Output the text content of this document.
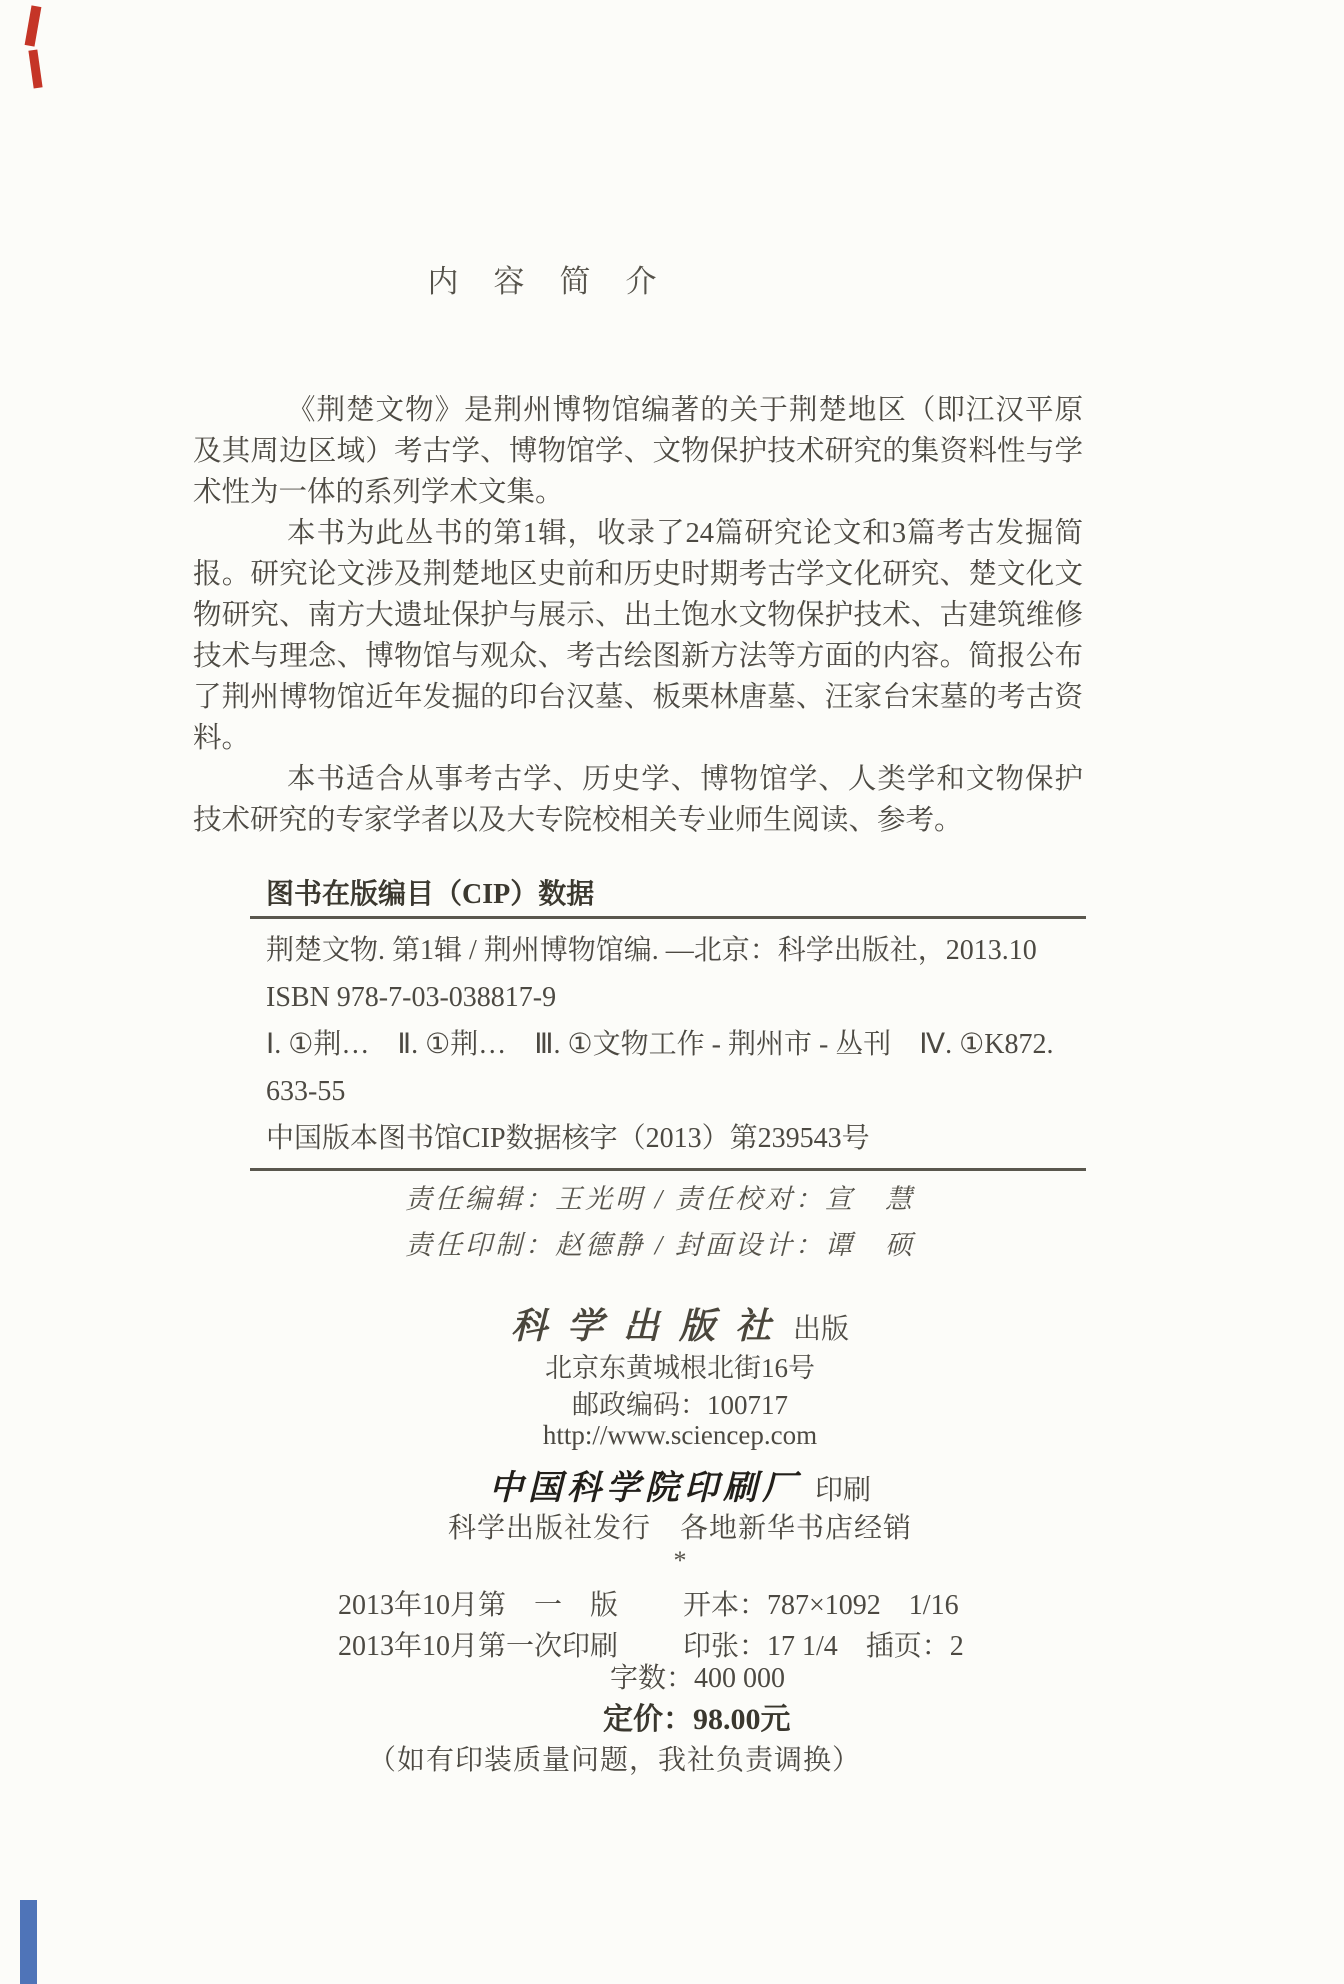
内　容　简　介

《荆楚文物》是荆州博物馆编著的关于荆楚地区（即江汉平原及其周边区域）考古学、博物馆学、文物保护技术研究的集资料性与学术性为一体的系列学术文集。

本书为此丛书的第1辑，收录了24篇研究论文和3篇考古发掘简报。研究论文涉及荆楚地区史前和历史时期考古学文化研究、楚文化文物研究、南方大遗址保护与展示、出土饱水文物保护技术、古建筑维修技术与理念、博物馆与观众、考古绘图新方法等方面的内容。简报公布了荆州博物馆近年发掘的印台汉墓、板栗林唐墓、汪家台宋墓的考古资料。

本书适合从事考古学、历史学、博物馆学、人类学和文物保护技术研究的专家学者以及大专院校相关专业师生阅读、参考。

图书在版编目（CIP）数据
荆楚文物. 第1辑 / 荆州博物馆编. —北京：科学出版社，2013.10
ISBN 978-7-03-038817-9
Ⅰ. ①荆…　Ⅱ. ①荆…　Ⅲ. ①文物工作 - 荆州市 - 丛刊　Ⅳ. ①K872.
633-55
中国版本图书馆CIP数据核字（2013）第239543号
责任编辑：王光明 / 责任校对：宣　慧
责任印制：赵德静 / 封面设计：谭　硕
科学出版社出版
北京东黄城根北街16号
邮政编码：100717
http://www.sciencep.com
中国科学院印刷厂 印刷
科学出版社发行　各地新华书店经销
*
2013年10月第　一　版 开本：787×1092　1/16
2013年10月第一次印刷 印张：17 1/4　插页：2
字数：400 000
定价：98.00元
（如有印装质量问题，我社负责调换）
